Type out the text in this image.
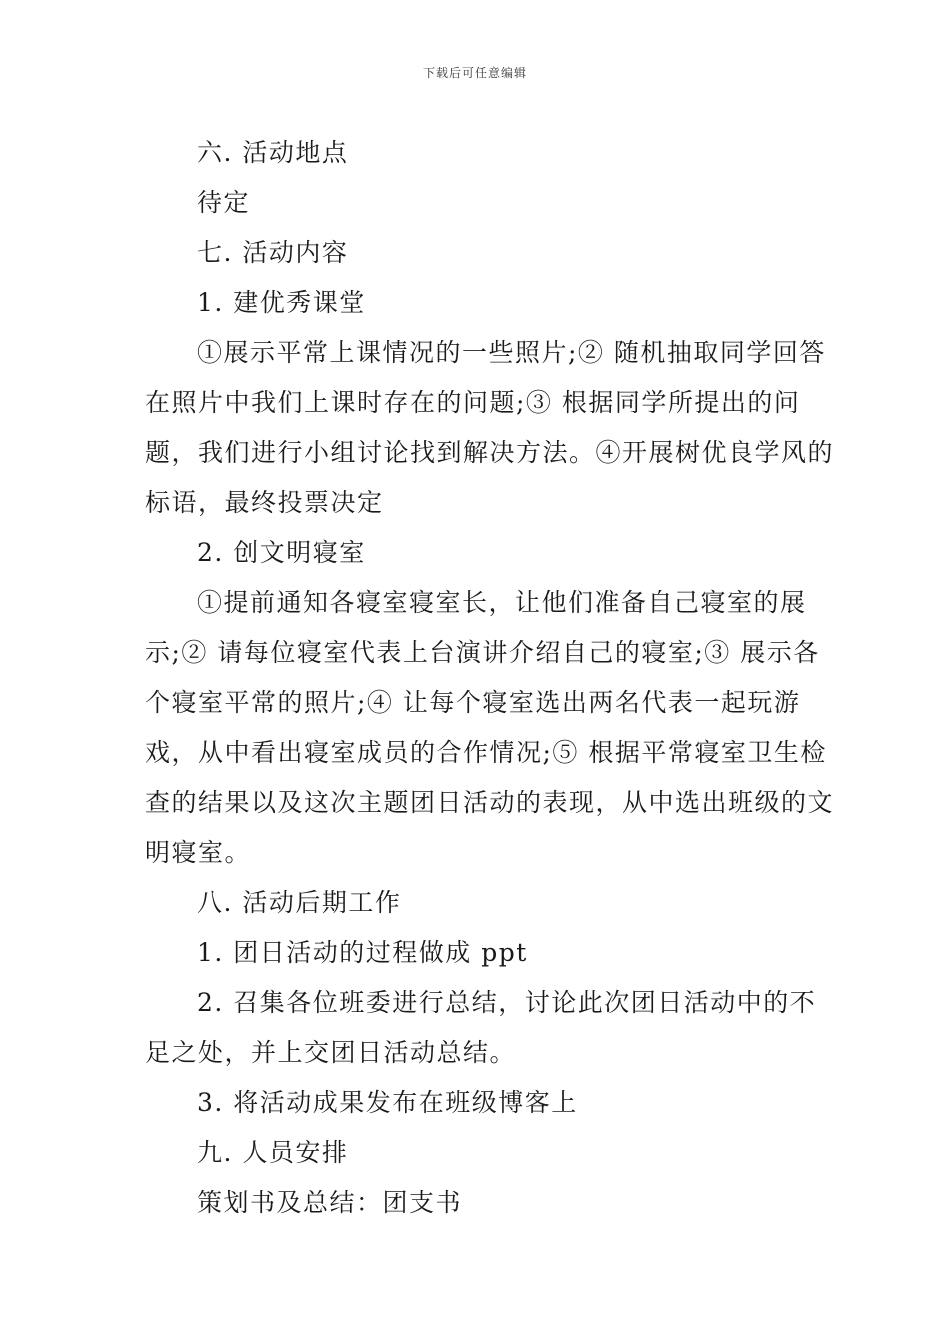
下载后可任意编辑

六. 活动地点

待定

七. 活动内容

1. 建优秀课堂

①展示平常上课情况的一些照片;② 随机抽取同学回答在照片中我们上课时存在的问题;③ 根据同学所提出的问题，我们进行小组讨论找到解决方法。④开展树优良学风的标语，最终投票决定

2. 创文明寝室

①提前通知各寝室寝室长，让他们准备自己寝室的展示;② 请每位寝室代表上台演讲介绍自己的寝室;③ 展示各个寝室平常的照片;④ 让每个寝室选出两名代表一起玩游戏，从中看出寝室成员的合作情况;⑤ 根据平常寝室卫生检查的结果以及这次主题团日活动的表现，从中选出班级的文明寝室。

八. 活动后期工作

1. 团日活动的过程做成 ppt

2. 召集各位班委进行总结，讨论此次团日活动中的不足之处，并上交团日活动总结。

3. 将活动成果发布在班级博客上

九. 人员安排

策划书及总结：团支书
